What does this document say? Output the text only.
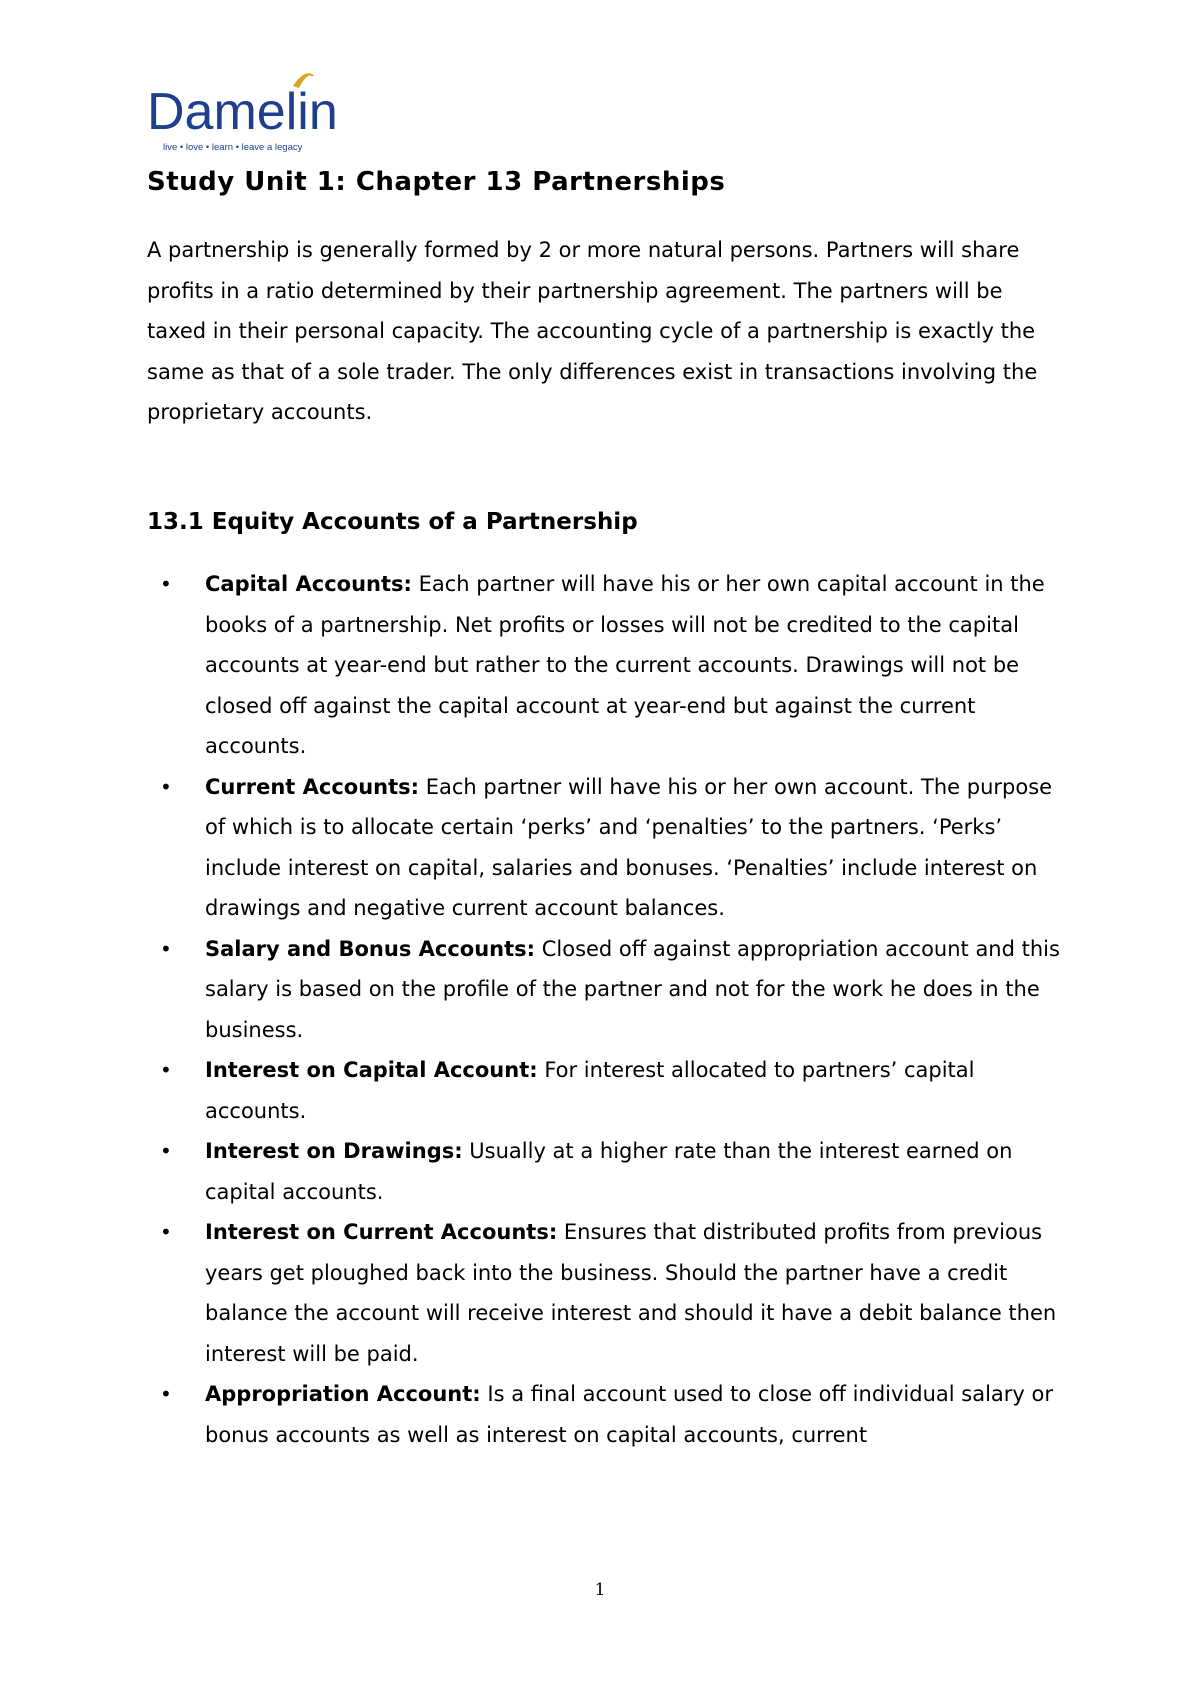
Damelin
live • love • learn • leave a legacy
Study Unit 1: Chapter 13 Partnerships

A partnership is generally formed by 2 or more natural persons. Partners will share profits in a ratio determined by their partnership agreement. The partners will be taxed in their personal capacity. The accounting cycle of a partnership is exactly the same as that of a sole trader. The only differences exist in transactions involving the proprietary accounts.

13.1 Equity Accounts of a Partnership
• Capital Accounts: Each partner will have his or her own capital account in the books of a partnership. Net profits or losses will not be credited to the capital accounts at year-end but rather to the current accounts. Drawings will not be closed off against the capital account at year-end but against the current accounts.
• Current Accounts: Each partner will have his or her own account. The purpose of which is to allocate certain ‘perks’ and ‘penalties’ to the partners. ‘Perks’ include interest on capital, salaries and bonuses. ‘Penalties’ include interest on drawings and negative current account balances.
• Salary and Bonus Accounts: Closed off against appropriation account and this salary is based on the profile of the partner and not for the work he does in the business.
• Interest on Capital Account: For interest allocated to partners’ capital accounts.
• Interest on Drawings: Usually at a higher rate than the interest earned on capital accounts.
• Interest on Current Accounts: Ensures that distributed profits from previous years get ploughed back into the business. Should the partner have a credit balance the account will receive interest and should it have a debit balance then interest will be paid.
• Appropriation Account: Is a final account used to close off individual salary or bonus accounts as well as interest on capital accounts, current
1
